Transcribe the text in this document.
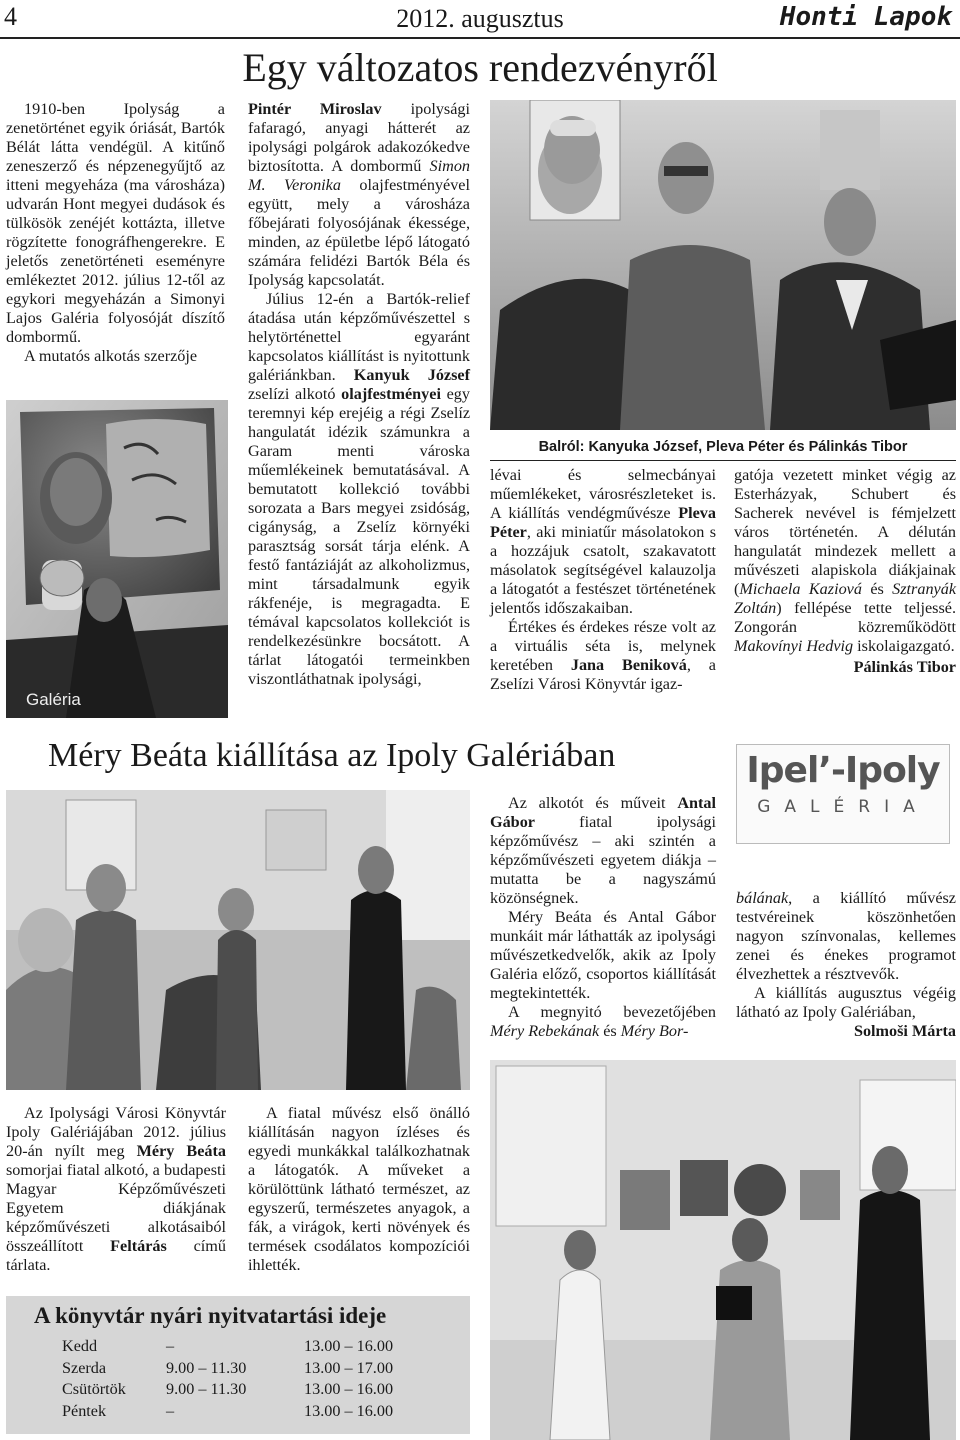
4	2012. augusztus	Honti Lapok
Egy változatos rendezvényről

1910-ben Ipolyság a zenetörténet egyik óriását, Bartók Bélát látta vendégül. A kitűnő zeneszerző és népzenegyűjtő az itteni megyeháza (ma városháza) udvarán Hont megyei dudások és tülkösök zenéjét kottázta, illetve rögzítette fonográfhengerekre. E jeletős zenetörténeti eseményre emlékeztet 2012. július 12-től az egykori megyeházán a Simonyi Lajos Galéria folyosóját díszítő dombormű.

A mutatós alkotás szerzője

Galéria

Pintér Miroslav ipolysági fafaragó, anyagi hátterét az ipolysági polgárok adakozókedve biztosította. A dombormű Simon M. Veronika olajfestményével együtt, mely a városháza főbejárati folyosójának ékessége, minden, az épületbe lépő látogató számára felidézi Bartók Béla és Ipolyság kapcsolatát.

Július 12-én a Bartók-relief átadása után képzőművészettel s helytörténettel egyaránt kapcsolatos kiállítást is nyitottunk galériánkban. Kanyuk József zselízi alkotó olajfestményei egy teremnyi kép erejéig a régi Zselíz hangulatát idézik számunkra a Garam menti városka műemlékeinek bemutatásával. A bemutatott kollekció további sorozata a Bars megyei zsidóság, cigányság, a Zselíz környéki parasztság sorsát tárja elénk. A festő fantáziáját az alkoholizmus, mint társadalmunk egyik rákfenéje, is megragadta. E témával kapcsolatos kollekciót is rendelkezésünkre bocsátott. A tárlat látogatói termeinkben viszontláthatnak ipolysági,

Balról: Kanyuka József, Pleva Péter és Pálinkás Tibor

lévai és selmecbányai műemlékeket, városrészleteket is. A kiállítás vendégművésze Pleva Péter, aki miniatűr másolatokon s a hozzájuk csatolt, szakavatott másolatok segítségével kalauzolja a látogatót a festészet történetének jelentős időszakaiban.

Értékes és érdekes része volt az a virtuális séta is, melynek keretében Jana Beniková, a Zselízi Városi Könyvtár igaz-

gatója vezetett minket végig az Esterházyak, Schubert és Sacherek nevével is fémjelzett város történetén. A délután hangulatát mindezek mellett a művészeti alapiskola diákjainak (Michaela Kaziová és Sztranyák Zoltán) fellépése tette teljessé. Zongorán közreműködött Makovínyi Hedvig iskolaigazgató.

Pálinkás Tibor

Méry Beáta kiállítása az Ipoly Galériában	Ipel’-Ipoly
GALÉRIA

Az alkotót és műveit Antal Gábor fiatal ipolysági képzőművész – aki szintén a képzőművészeti egyetem diákja – mutatta be a nagyszámú közönségnek.

Méry Beáta és Antal Gábor munkáit már láthatták az ipolysági művészetkedvelők, akik az Ipoly Galéria előző, csoportos kiállítását megtekintették.

A megnyitó bevezetőjében Méry Rebekának és Méry Bor-

bálának, a kiállító művész testvéreinek köszönhetően nagyon színvonalas, kellemes zenei és énekes programot élvezhettek a résztvevők.

A kiállítás augusztus végéig látható az Ipoly Galériában,

Solmoši Márta

Az Ipolysági Városi Könyvtár Ipoly Galériájában 2012. július 20-án nyílt meg Méry Beáta somorjai fiatal alkotó, a budapesti Magyar Képzőművészeti Egyetem diákjának képzőművészeti alkotásaiból összeállított Feltárás című tárlata.

A fiatal művész első önálló kiállításán nagyon ízléses és egyedi munkákkal találkozhatnak a látogatók. A műveket a körülöttünk látható természet, az egyszerű, természetes anyagok, a fák, a virágok, kerti növények és termések csodálatos kompozíciói ihlették.

A könyvtár nyári nyitvatartási ideje
Kedd	–	13.00 – 16.00
Szerda	9.00 – 11.30	13.00 – 17.00
Csütörtök 9.00 – 11.30	13.00 – 16.00
Péntek	–	13.00 – 16.00
